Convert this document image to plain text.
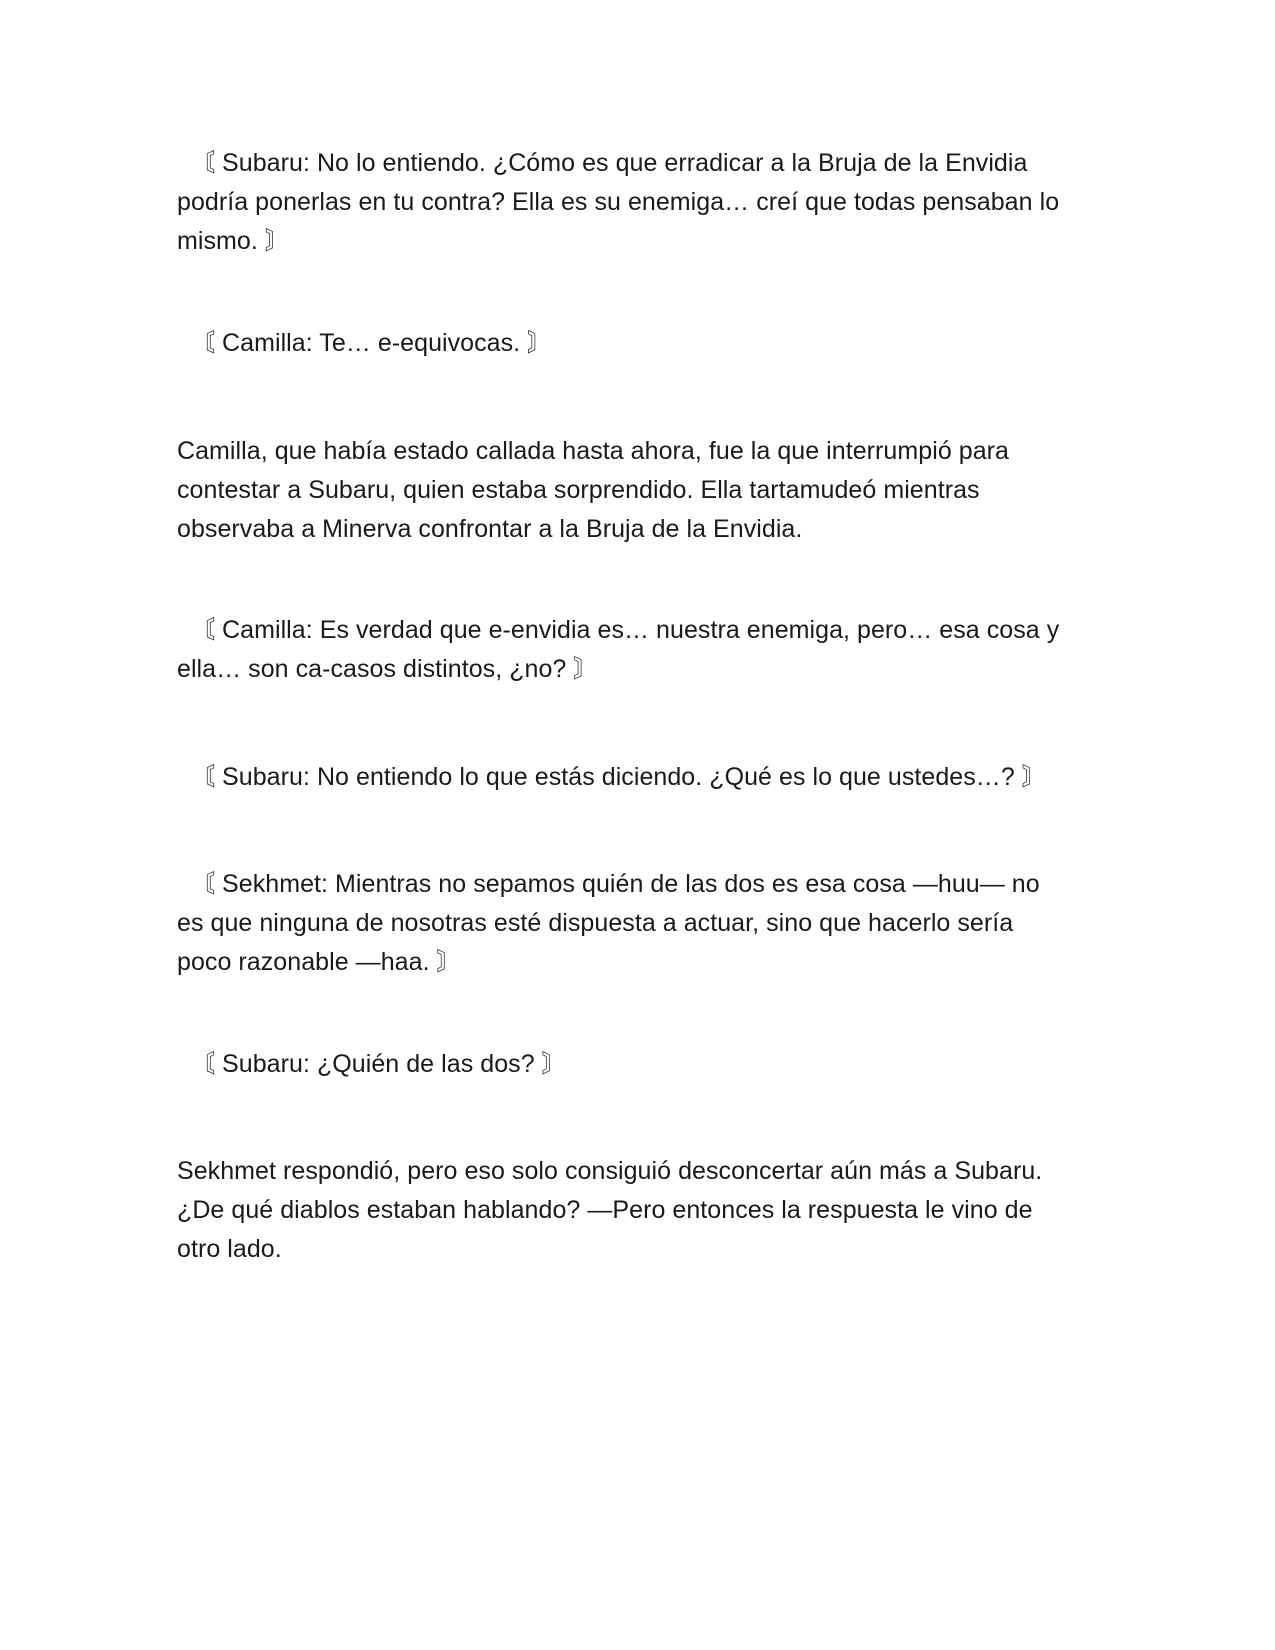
〘 Subaru: No lo entiendo. ¿Cómo es que erradicar a la Bruja de la Envidia
podría ponerlas en tu contra? Ella es su enemiga… creí que todas pensaban lo
mismo. 〙

〘 Camilla: Te… e-equivocas. 〙

Camilla, que había estado callada hasta ahora, fue la que interrumpió para
contestar a Subaru, quien estaba sorprendido. Ella tartamudeó mientras
observaba a Minerva confrontar a la Bruja de la Envidia.

〘 Camilla: Es verdad que e-envidia es… nuestra enemiga, pero… esa cosa y
ella… son ca-casos distintos, ¿no? 〙

〘 Subaru: No entiendo lo que estás diciendo. ¿Qué es lo que ustedes…? 〙

〘 Sekhmet: Mientras no sepamos quién de las dos es esa cosa —huu— no
es que ninguna de nosotras esté dispuesta a actuar, sino que hacerlo sería
poco razonable —haa. 〙

〘 Subaru: ¿Quién de las dos? 〙

Sekhmet respondió, pero eso solo consiguió desconcertar aún más a Subaru.
¿De qué diablos estaban hablando? —Pero entonces la respuesta le vino de
otro lado.
